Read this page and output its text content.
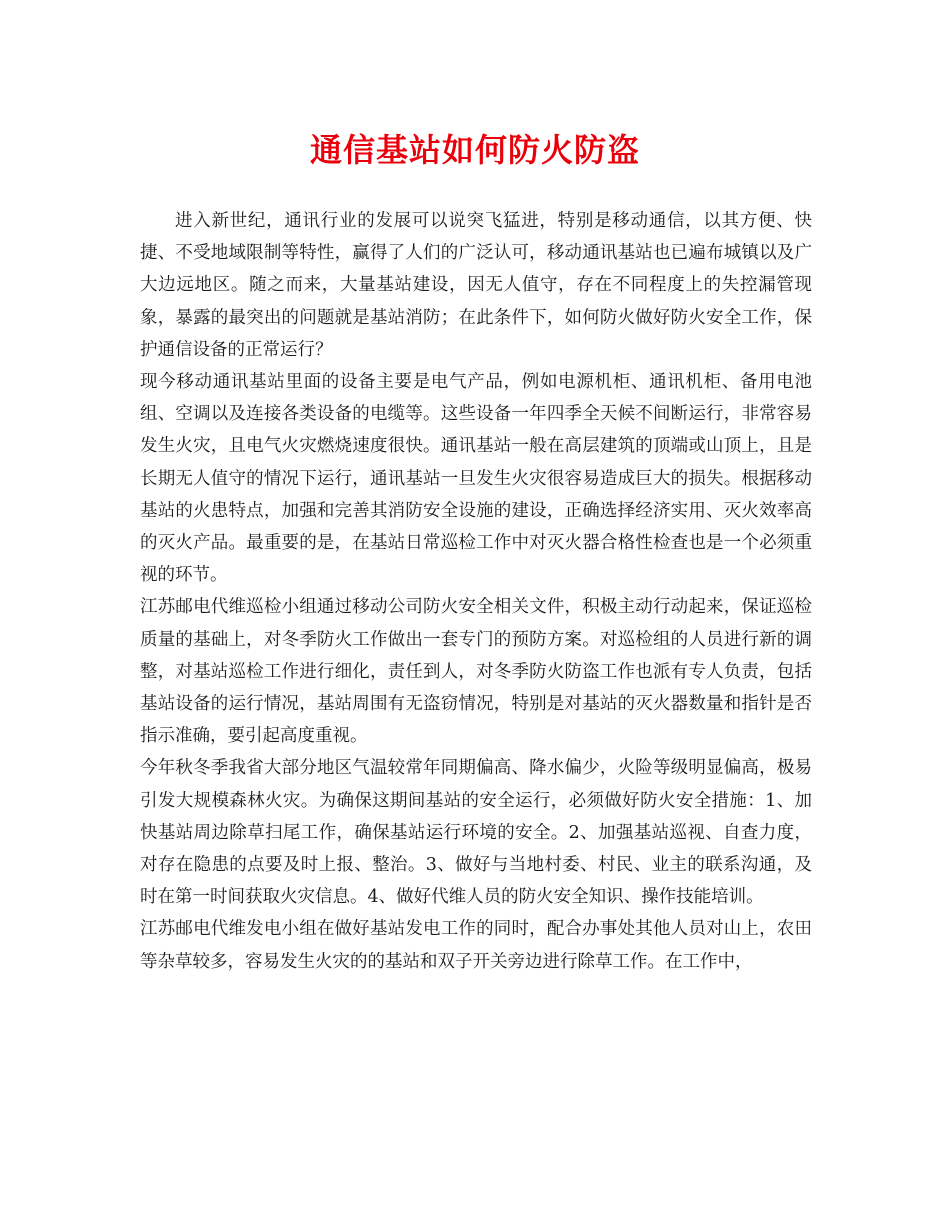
通信基站如何防火防盗

进入新世纪，通讯行业的发展可以说突飞猛进，特别是移动通信，以其方便、快捷、不受地域限制等特性，赢得了人们的广泛认可，移动通讯基站也已遍布城镇以及广大边远地区。随之而来，大量基站建设，因无人值守，存在不同程度上的失控漏管现象，暴露的最突出的问题就是基站消防；在此条件下，如何防火做好防火安全工作，保护通信设备的正常运行？

现今移动通讯基站里面的设备主要是电气产品，例如电源机柜、通讯机柜、备用电池组、空调以及连接各类设备的电缆等。这些设备一年四季全天候不间断运行，非常容易发生火灾，且电气火灾燃烧速度很快。通讯基站一般在高层建筑的顶端或山顶上，且是长期无人值守的情况下运行，通讯基站一旦发生火灾很容易造成巨大的损失。根据移动基站的火患特点，加强和完善其消防安全设施的建设，正确选择经济实用、灭火效率高的灭火产品。最重要的是，在基站日常巡检工作中对灭火器合格性检查也是一个必须重视的环节。

江苏邮电代维巡检小组通过移动公司防火安全相关文件，积极主动行动起来，保证巡检质量的基础上，对冬季防火工作做出一套专门的预防方案。对巡检组的人员进行新的调整，对基站巡检工作进行细化，责任到人，对冬季防火防盗工作也派有专人负责，包括基站设备的运行情况，基站周围有无盗窃情况，特别是对基站的灭火器数量和指针是否指示准确，要引起高度重视。

今年秋冬季我省大部分地区气温较常年同期偏高、降水偏少，火险等级明显偏高，极易引发大规模森林火灾。为确保这期间基站的安全运行，必须做好防火安全措施：1、加快基站周边除草扫尾工作，确保基站运行环境的安全。2、加强基站巡视、自查力度，对存在隐患的点要及时上报、整治。3、做好与当地村委、村民、业主的联系沟通，及时在第一时间获取火灾信息。4、做好代维人员的防火安全知识、操作技能培训。

江苏邮电代维发电小组在做好基站发电工作的同时，配合办事处其他人员对山上，农田等杂草较多，容易发生火灾的的基站和双子开关旁边进行除草工作。在工作中，
